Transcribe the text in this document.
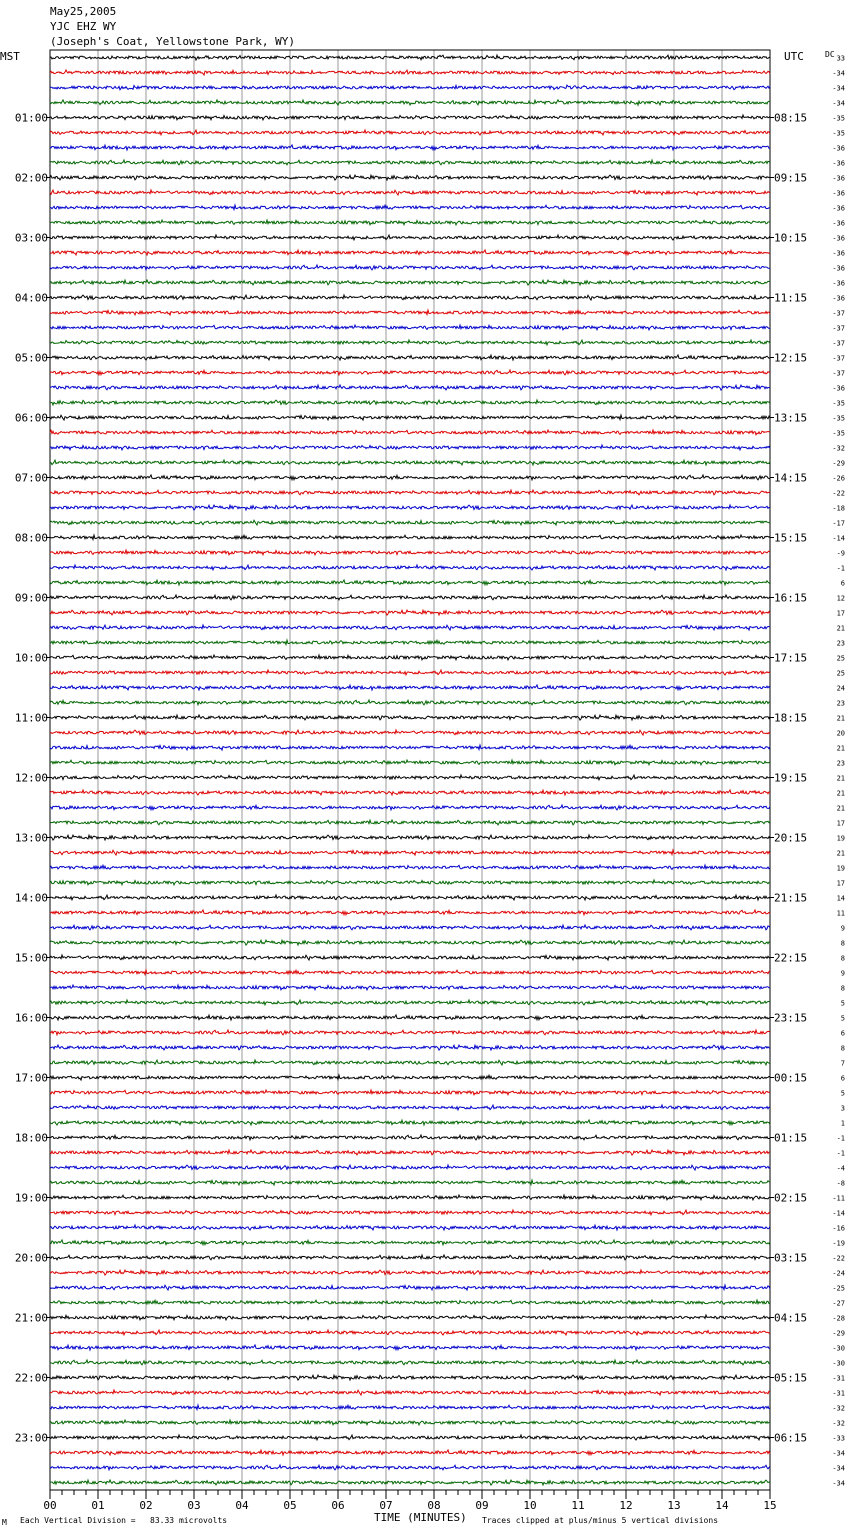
May25,2005
YJC EHZ WY
(Joseph's Coat, Yellowstone Park, WY)
MST	UTC	DC
00	01	02	03	04	05	06	07	08	09	10	11	12	13	14	15
01:00
02:00
03:00
04:00
05:00
06:00
07:00
08:00
09:00
10:00
11:00
12:00
13:00
14:00
15:00
16:00
17:00
18:00
19:00
20:00
21:00
22:00
23:00
08:15
09:15
10:15
11:15
12:15
13:15
14:15
15:15
16:15
17:15
18:15
19:15
20:15
21:15
22:15
23:15
00:15
01:15
02:15
03:15
04:15
05:15
06:15
33
-34
-34
-34
-35
-35
-36
-36
-36
-36
-36
-36
-36
-36
-36
-36
-36
-37
-37
-37
-37
-37
-36
-35
-35
-35
-32
-29
-26
-22
-18
-17
-14
-9
-1
6
12
17
21
23
25
25
24
23
21
20
21
23
21
21
21
17
19
21
19
17
14
11
9
8
8
9
8
5
5
6
8
7
6
5
3
1
-1
-1
-4
-8
-11
-14
-16
-19
-22
-24
-25
-27
-28
-29
-30
-30
-31
-31
-32
-32
-33
-34
-34
-34
TIME (MINUTES)
M Each Vertical Division =   83.33 microvolts	Traces clipped at plus/minus 5 vertical divisions
